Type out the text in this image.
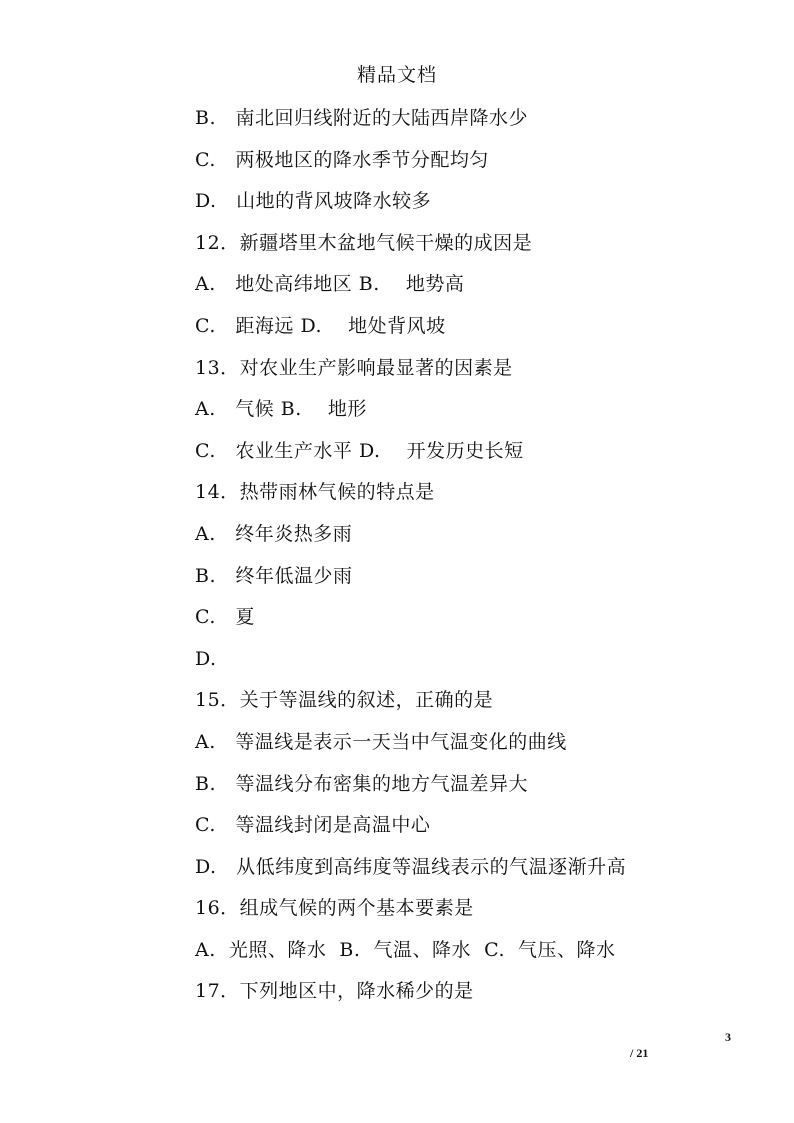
精品文档
B.　南北回归线附近的大陆西岸降水少
C.　两极地区的降水季节分配均匀
D.　山地的背风坡降水较多
12．新疆塔里木盆地气候干燥的成因是
A.　地处高纬地区 B.　 地势高
C.　距海远 D.　 地处背风坡
13．对农业生产影响最显著的因素是
A.　气候 B.　 地形
C.　农业生产水平 D.　 开发历史长短
14．热带雨林气候的特点是
A.　终年炎热多雨
B.　终年低温少雨
C.　夏
D.
15．关于等温线的叙述，正确的是
A.　等温线是表示一天当中气温变化的曲线
B.　等温线分布密集的地方气温差异大
C.　等温线封闭是高温中心
D.　从低纬度到高纬度等温线表示的气温逐渐升高
16．组成气候的两个基本要素是
A.  光照、降水  B.  气温、降水  C.  气压、降水
17．下列地区中，降水稀少的是
3
/ 21
